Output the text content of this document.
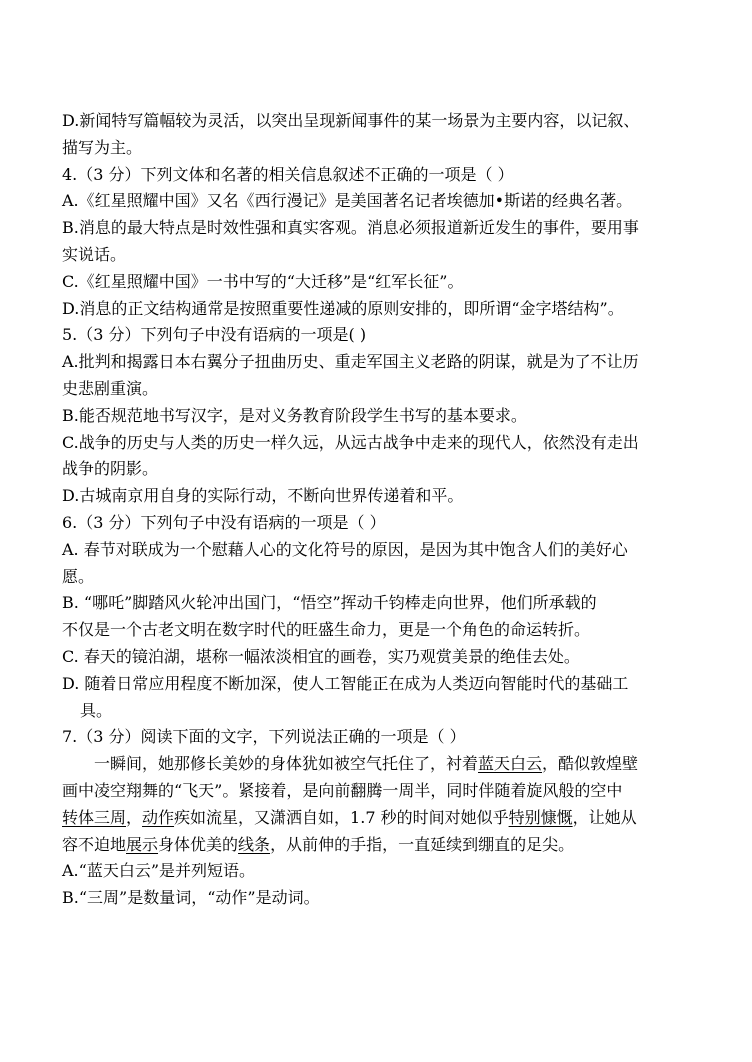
D.新闻特写篇幅较为灵活，以突出呈现新闻事件的某一场景为主要内容，以记叙、

描写为主。

4.（3 分）下列文体和名著的相关信息叙述不正确的一项是（ ）

A.《红星照耀中国》又名《西行漫记》是美国著名记者埃德加•斯诺的经典名著。

B.消息的最大特点是时效性强和真实客观。消息必须报道新近发生的事件，要用事

实说话。

C.《红星照耀中国》一书中写的“大迁移”是“红军长征”。

D.消息的正文结构通常是按照重要性递减的原则安排的，即所谓“金字塔结构”。

5.（3 分）下列句子中没有语病的一项是( )

A.批判和揭露日本右翼分子扭曲历史、重走军国主义老路的阴谋，就是为了不让历

史悲剧重演。

B.能否规范地书写汉字，是对义务教育阶段学生书写的基本要求。

C.战争的历史与人类的历史一样久远，从远古战争中走来的现代人，依然没有走出

战争的阴影。

D.古城南京用自身的实际行动，不断向世界传递着和平。

6.（3 分）下列句子中没有语病的一项是（ ）

A. 春节对联成为一个慰藉人心的文化符号的原因，是因为其中饱含人们的美好心

愿。

B. “哪吒”脚踏风火轮冲出国门，“悟空”挥动千钧棒走向世界，他们所承载的

不仅是一个古老文明在数字时代的旺盛生命力，更是一个角色的命运转折。

C. 春天的镜泊湖，堪称一幅浓淡相宜的画卷，实乃观赏美景的绝佳去处。

D. 随着日常应用程度不断加深，使人工智能正在成为人类迈向智能时代的基础工

具。

7.（3 分）阅读下面的文字，下列说法正确的一项是（ ）

一瞬间，她那修长美妙的身体犹如被空气托住了，衬着蓝天白云，酷似敦煌壁

画中凌空翔舞的“飞天”。紧接着，是向前翻腾一周半，同时伴随着旋风般的空中

转体三周，动作疾如流星，又潇洒自如，1.7 秒的时间对她似乎特别慷慨，让她从

容不迫地展示身体优美的线条，从前伸的手指，一直延续到绷直的足尖。

A.“蓝天白云”是并列短语。

B.“三周”是数量词，“动作”是动词。
